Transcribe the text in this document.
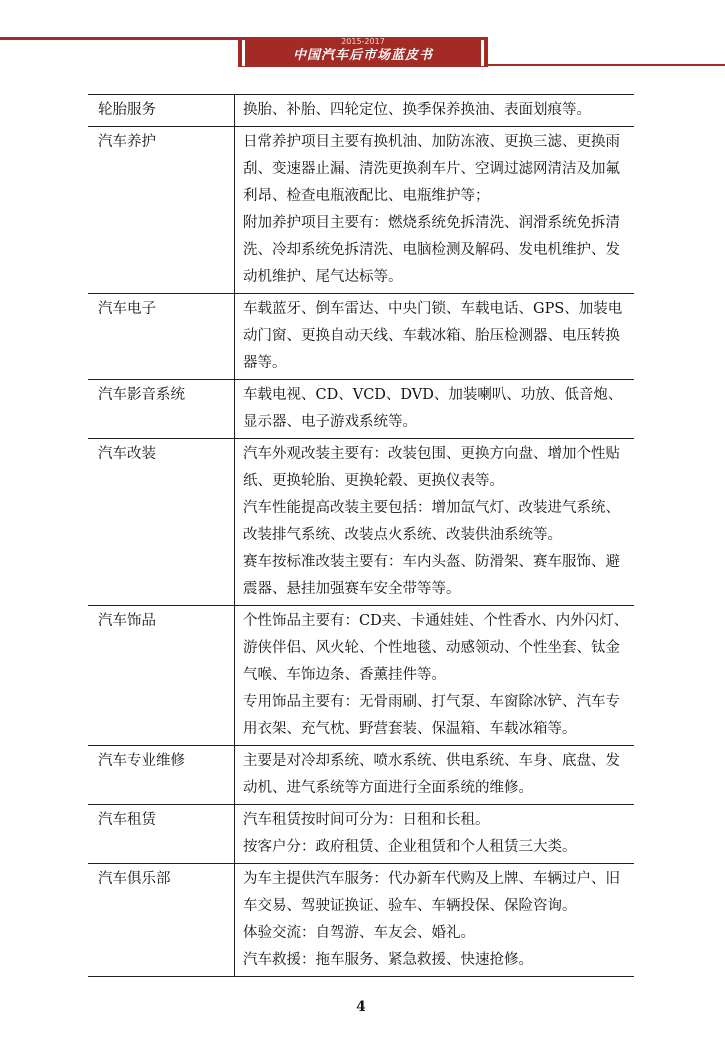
2015-2017
中国汽车后市场蓝皮书
轮胎服务	换胎、补胎、四轮定位、换季保养换油、表面划痕等。

汽车养护	日常养护项目主要有换机油、加防冻液、更换三滤、更换雨刮、变速器止漏、清洗更换刹车片、空调过滤网清洁及加氟利昂、检查电瓶液配比、电瓶维护等；
附加养护项目主要有：燃烧系统免拆清洗、润滑系统免拆清洗、冷却系统免拆清洗、电脑检测及解码、发电机维护、发动机维护、尾气达标等。

汽车电子	车载蓝牙、倒车雷达、中央门锁、车载电话、GPS、加装电动门窗、更换自动天线、车载冰箱、胎压检测器、电压转换器等。

汽车影音系统	车载电视、CD、VCD、DVD、加装喇叭、功放、低音炮、显示器、电子游戏系统等。

汽车改装	汽车外观改装主要有：改装包围、更换方向盘、增加个性贴纸、更换轮胎、更换轮毂、更换仪表等。
汽车性能提高改装主要包括：增加氙气灯、改装进气系统、改装排气系统、改装点火系统、改装供油系统等。
赛车按标准改装主要有：车内头盔、防滑架、赛车服饰、避震器、悬挂加强赛车安全带等等。

汽车饰品	个性饰品主要有：CD夹、卡通娃娃、个性香水、内外闪灯、游侠伴侣、风火轮、个性地毯、动感领动、个性坐套、钛金气喉、车饰边条、香薰挂件等。
专用饰品主要有：无骨雨刷、打气泵、车窗除冰铲、汽车专用衣架、充气枕、野营套装、保温箱、车载冰箱等。

汽车专业维修	主要是对冷却系统、喷水系统、供电系统、车身、底盘、发动机、进气系统等方面进行全面系统的维修。

汽车租赁	汽车租赁按时间可分为：日租和长租。
按客户分：政府租赁、企业租赁和个人租赁三大类。

汽车俱乐部	为车主提供汽车服务：代办新车代购及上牌、车辆过户、旧车交易、驾驶证换证、验车、车辆投保、保险咨询。
体验交流：自驾游、车友会、婚礼。
汽车救援：拖车服务、紧急救援、快速抢修。
4
